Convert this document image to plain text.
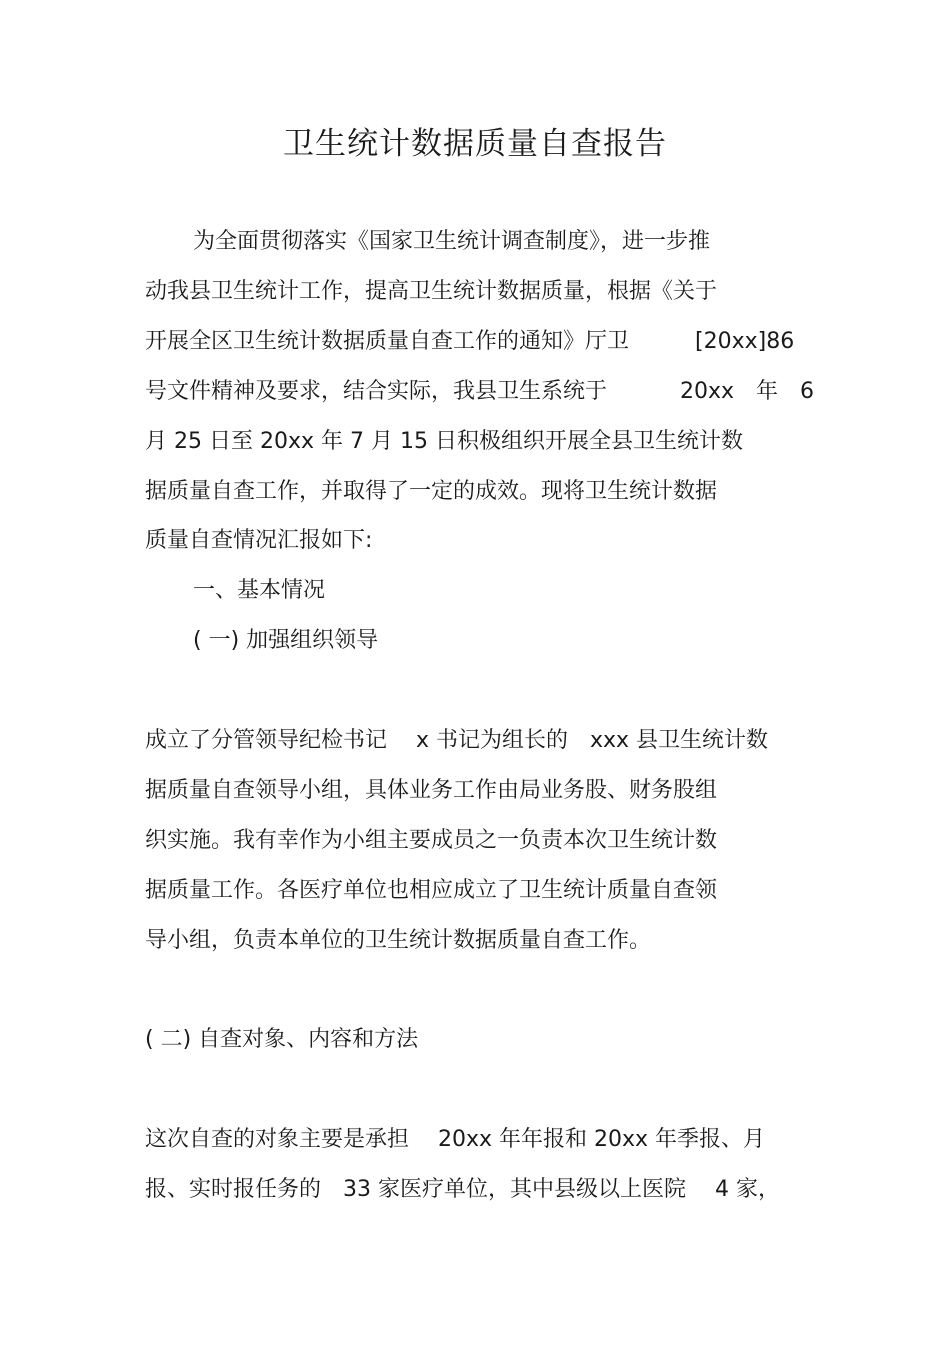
卫生统计数据质量自查报告
为全面贯彻落实《国家卫生统计调查制度》，进一步推
动我县卫生统计工作，提高卫生统计数据质量，根据《关于
开展全区卫生统计数据质量自查工作的通知》厅卫　　　[20xx]86
号文件精神及要求，结合实际，我县卫生系统于　　　 20xx　年　6
月 25 日至 20xx 年 7 月 15 日积极组织开展全县卫生统计数
据质量自查工作，并取得了一定的成效。现将卫生统计数据
质量自查情况汇报如下:
一、基本情况
( 一) 加强组织领导
成立了分管领导纪检书记　 x 书记为组长的　xxx 县卫生统计数
据质量自查领导小组，具体业务工作由局业务股、财务股组
织实施。我有幸作为小组主要成员之一负责本次卫生统计数
据质量工作。各医疗单位也相应成立了卫生统计质量自查领
导小组，负责本单位的卫生统计数据质量自查工作。
( 二) 自查对象、内容和方法
这次自查的对象主要是承担　 20xx 年年报和 20xx 年季报、月
报、实时报任务的　33 家医疗单位，其中县级以上医院　 4 家，
